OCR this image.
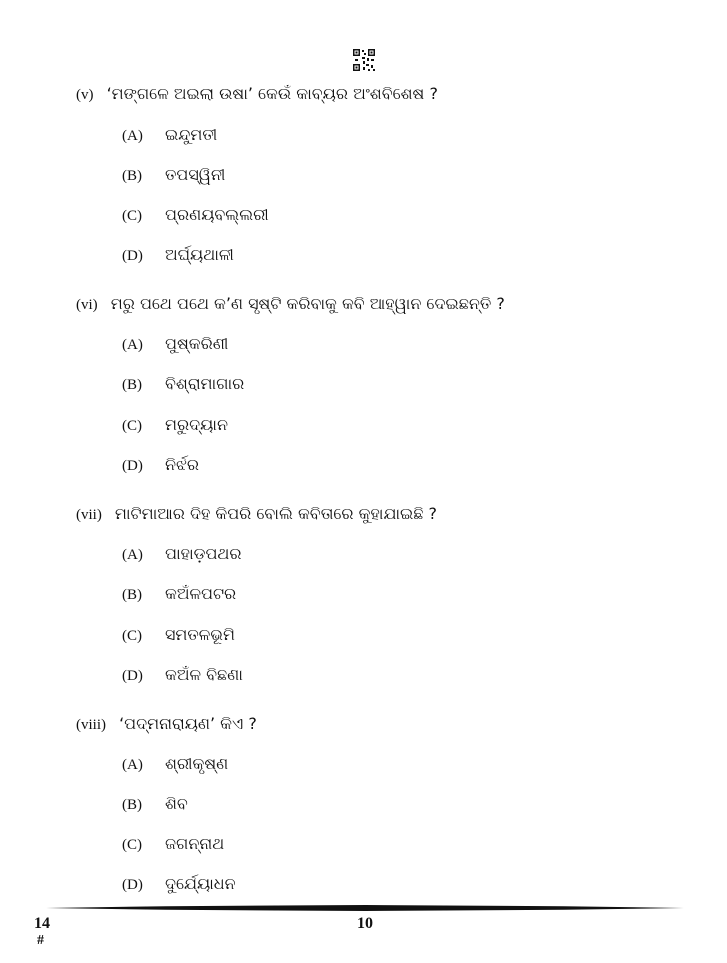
(v) ‘ମଙ୍ଗଳେ ଅଇଲା ଉଷା’ କେଉଁ କାବ୍ୟର ଅଂଶବିଶେଷ ?
(A) ଇନ୍ଦୁମତୀ
(B) ତପସ୍ୱିନୀ
(C) ପ୍ରଣୟବଲ୍ଲରୀ
(D) ଅର୍ଘ୍ୟଥାଳୀ
(vi) ମରୁ ପଥେ ପଥେ କ’ଣ ସୃଷ୍ଟି କରିବାକୁ କବି ଆହ୍ୱାନ ଦେଇଛନ୍ତି ?
(A) ପୁଷ୍କରିଣୀ
(B) ବିଶ୍ରାମାଗାର
(C) ମରୁଦ୍ୟାନ
(D) ନିର୍ଝର
(vii) ମାଟିମାଆର ଦିହ କିପରି ବୋଲି କବିତାରେ କୁହାଯାଇଛି ?
(A) ପାହାଡ଼ପଥର
(B) କଅଁଳପଟର
(C) ସମତଳଭୂମି
(D) କଅଁଳ ବିଛଣା
(viii) ‘ପଦ୍ମନାରାୟଣ’ କିଏ ?
(A) ଶ୍ରୀକୃଷ୍ଣ
(B) ଶିବ
(C) ଜଗନ୍ନାଥ
(D) ଦୁର୍ଯ୍ୟୋଧନ
14
#
10
